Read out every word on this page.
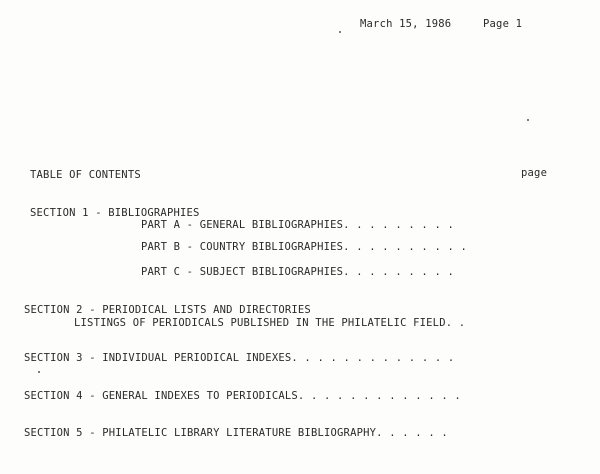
March 15, 1986	Page 1
TABLE OF CONTENTS	page
SECTION 1 - BIBLIOGRAPHIES
PART A - GENERAL BIBLIOGRAPHIES. . . . . . . . .
PART B - COUNTRY BIBLIOGRAPHIES. . . . . . . . . .
PART C - SUBJECT BIBLIOGRAPHIES. . . . . . . . .
SECTION 2 - PERIODICAL LISTS AND DIRECTORIES
LISTINGS OF PERIODICALS PUBLISHED IN THE PHILATELIC FIELD. .
SECTION 3 - INDIVIDUAL PERIODICAL INDEXES. . . . . . . . . . . . .
SECTION 4 - GENERAL INDEXES TO PERIODICALS. . . . . . . . . . . . .
SECTION 5 - PHILATELIC LIBRARY LITERATURE BIBLIOGRAPHY. . . . . .
